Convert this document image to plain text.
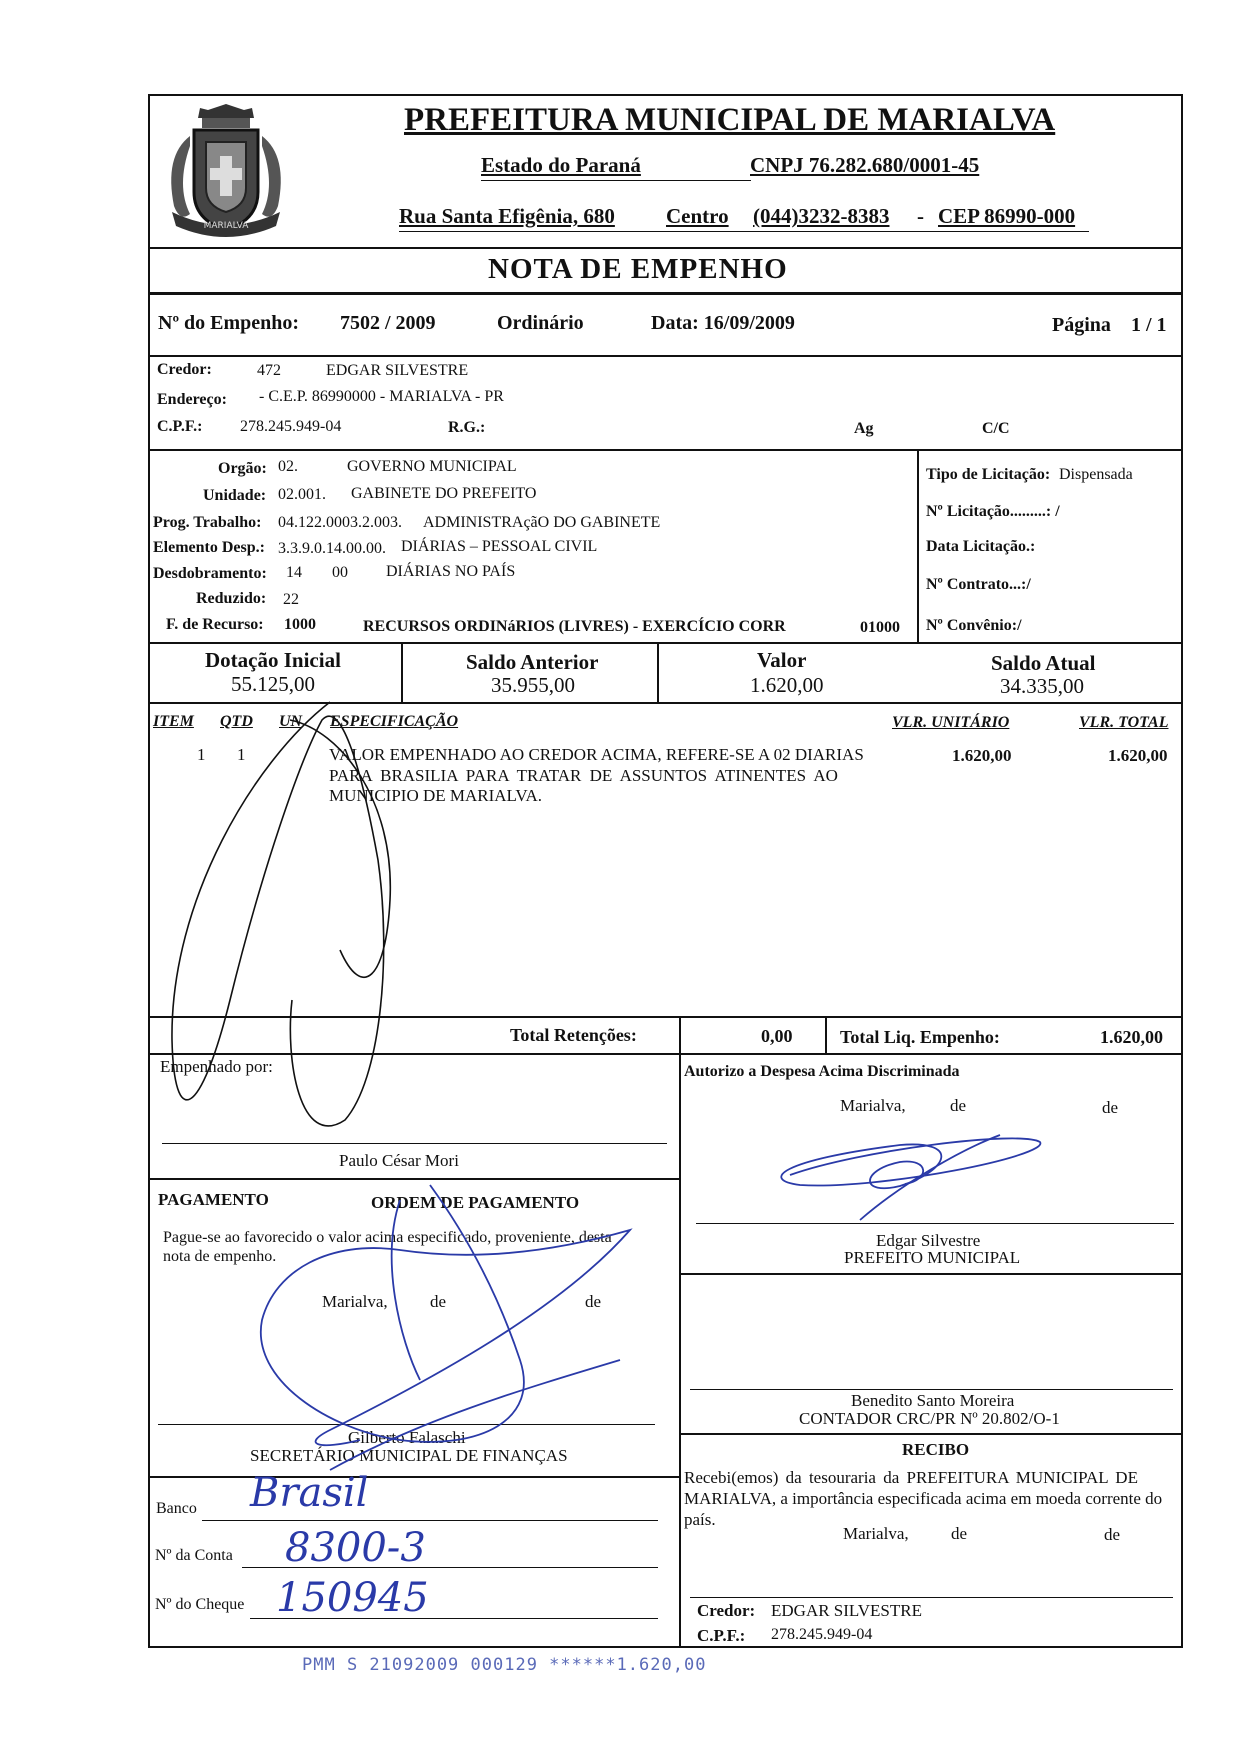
MARIALVA
PREFEITURA MUNICIPAL DE MARIALVA
Estado do Paraná	CNPJ 76.282.680/0001-45
Rua Santa Efigênia, 680 Centro (044)3232-8383 - CEP 86990-000
NOTA DE EMPENHO
Nº do Empenho: 7502 / 2009	Ordinário	Data: 16/09/2009	Página 1 / 1
Credor:	472	EDGAR SILVESTRE
Endereço: - C.E.P. 86990000 - MARIALVA - PR
C.P.F.: 278.245.949-04	R.G.:	Ag	C/C
Orgão: 02.	GOVERNO MUNICIPAL
Unidade: 02.001. GABINETE DO PREFEITO
Prog. Trabalho: 04.122.0003.2.003. ADMINISTRAçãO DO GABINETE
Elemento Desp.: 3.3.9.0.14.00.00. DIÁRIAS – PESSOAL CIVIL
Desdobramento: 14 00 DIÁRIAS NO PAÍS
Reduzido: 22
F. de Recurso: 1000	RECURSOS ORDINáRIOS (LIVRES) - EXERCÍCIO CORR	01000
Tipo de Licitação: Dispensada
Nº Licitação.........: /
Data Licitação.:
Nº Contrato...:/
Nº Convênio:/
Dotação Inicial
55.125,00
Saldo Anterior
35.955,00
Valor
1.620,00
Saldo Atual
34.335,00
ITEM QTD UN ESPECIFICAÇÃO	VLR. UNITÁRIO	VLR. TOTAL
1 1	VALOR EMPENHADO AO CREDOR ACIMA, REFERE-SE A 02 DIARIAS
PARA BRASILIA PARA TRATAR DE ASSUNTOS ATINENTES AO
MUNICIPIO DE MARIALVA.
1.620,00	1.620,00
Total Retenções:	0,00	Total Liq. Empenho:	1.620,00
Empenhado por:
Paulo César Mori
Autorizo a Despesa Acima Discriminada
Marialva,	de	de
Edgar Silvestre
PREFEITO MUNICIPAL
PAGAMENTO	ORDEM DE PAGAMENTO
Pague-se ao favorecido o valor acima especificado, proveniente, desta
nota de empenho.
Marialva, de	de
Gilberto Falaschi
SECRETÁRIO MUNICIPAL DE FINANÇAS
Benedito Santo Moreira
CONTADOR CRC/PR Nº 20.802/O-1
RECIBO
Recebi(emos) da tesouraria da PREFEITURA MUNICIPAL DE
MARIALVA, a importância especificada acima em moeda corrente do
país.
Marialva, de	de
Credor: EDGAR SILVESTRE
C.P.F.: 278.245.949-04
Banco Brasil
Nº da Conta 8300-3
Nº do Cheque 150945
PMM S 21092009 000129 ******1.620,00
